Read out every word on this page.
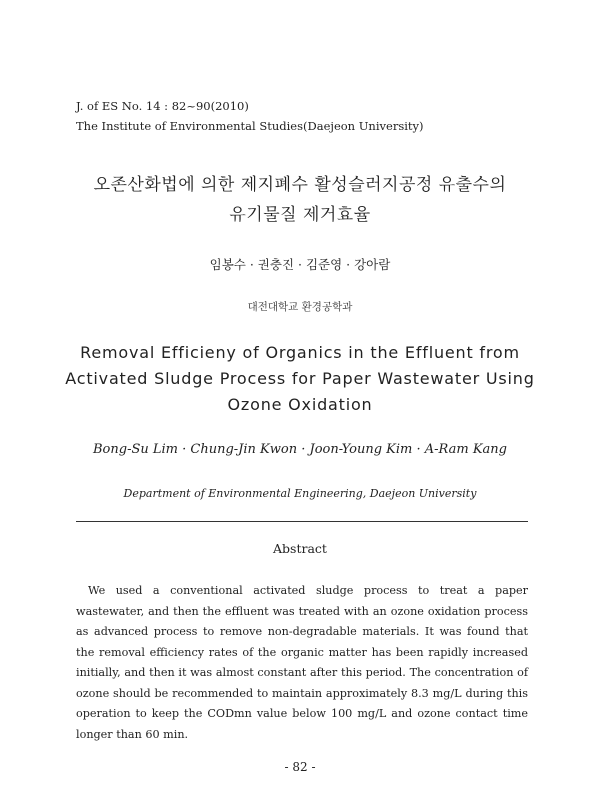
J. of ES No. 14 : 82~90(2010)
The Institute of Environmental Studies(Daejeon University)
오존산화법에 의한 제지폐수 활성슬러지공정 유출수의
유기물질 제거효율
임봉수 · 권충진 · 김준영 · 강아람
대전대학교 환경공학과
Removal Efficieny of Organics in the Effluent from
Activated Sludge Process for Paper Wastewater Using
Ozone Oxidation
Bong-Su Lim · Chung-Jin Kwon · Joon-Young Kim · A-Ram Kang
Department of Environmental Engineering, Daejeon University
Abstract
We used a conventional activated sludge process to treat a paper wastewater, and then the effluent was treated with an ozone oxidation process as advanced process to remove non-degradable materials. It was found that the removal efficiency rates of the organic matter has been rapidly increased initially, and then it was almost constant after this period. The concentration of ozone should be recommended to maintain approximately 8.3 mg/L during this operation to keep the CODmn value below 100 mg/L and ozone contact time longer than 60 min.
- 82 -
